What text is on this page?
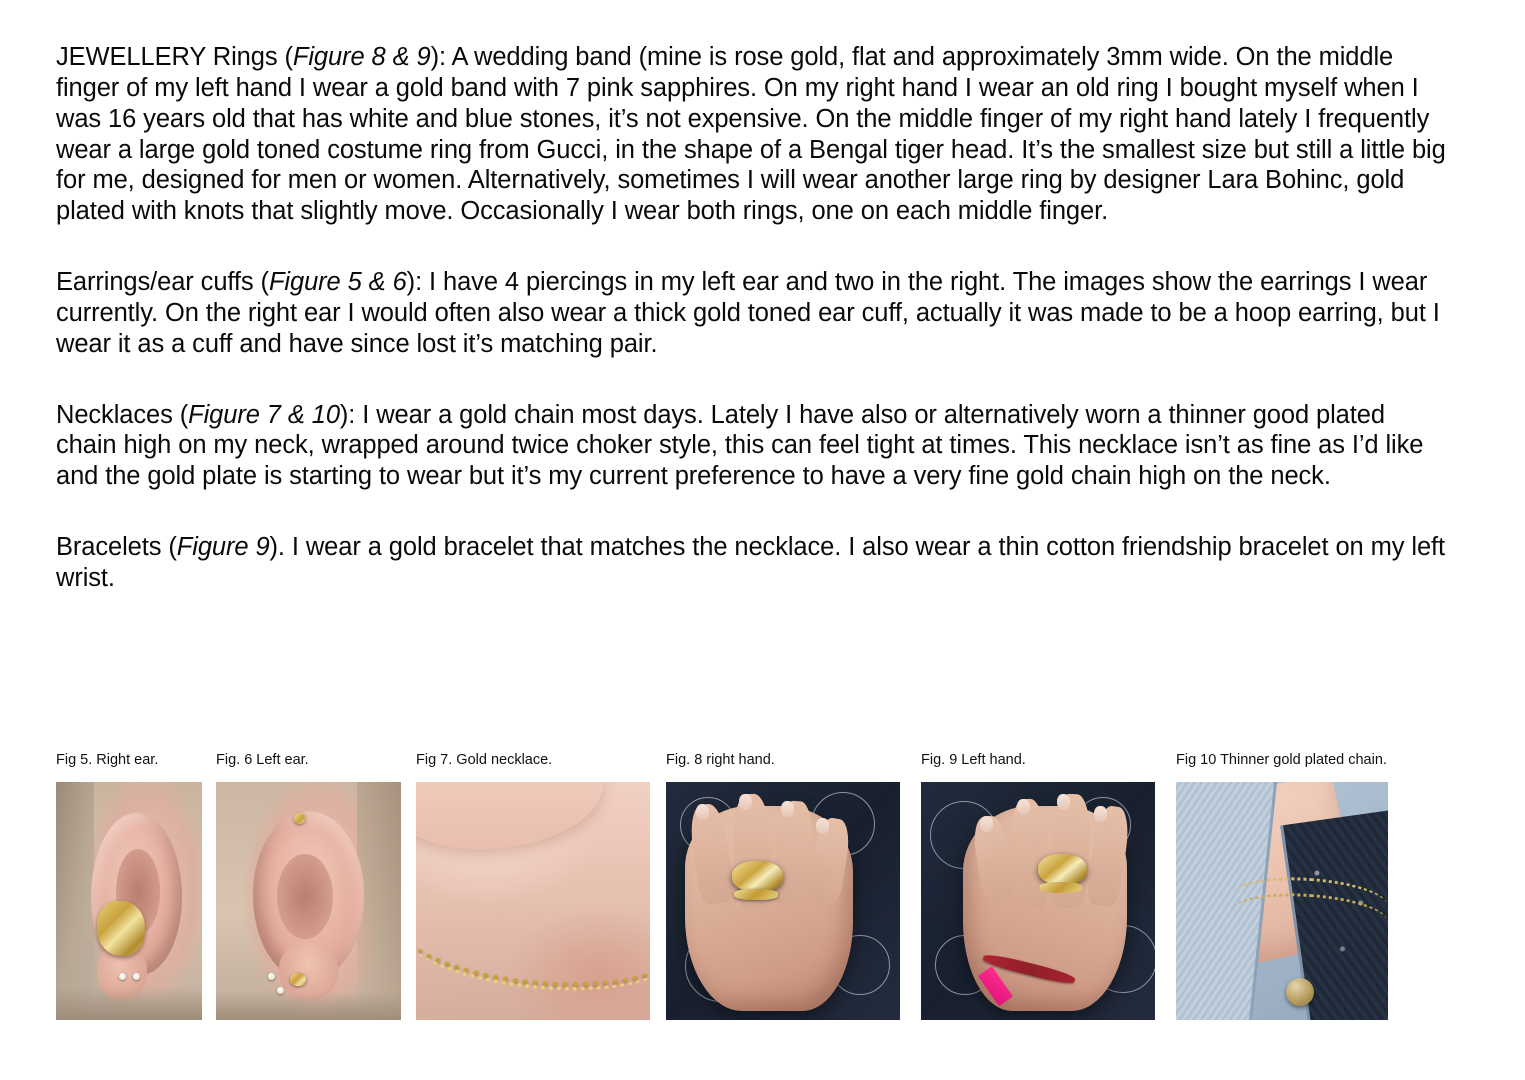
JEWELLERY Rings (Figure 8 & 9): A wedding band (mine is rose gold, flat and approximately 3mm wide. On the middle finger of my left hand I wear a gold band with 7 pink sapphires. On my right hand I wear an old ring I bought myself when I was 16 years old that has white and blue stones, it’s not expensive. On the middle finger of my right hand lately I frequently wear a large gold toned costume ring from Gucci, in the shape of a Bengal tiger head. It’s the smallest size but still a little big for me, designed for men or women. Alternatively, sometimes I will wear another large ring by designer Lara Bohinc, gold plated with knots that slightly move. Occasionally I wear both rings, one on each middle finger.

Earrings/ear cuffs (Figure 5 & 6): I have 4 piercings in my left ear and two in the right. The images show the earrings I wear currently. On the right ear I would often also wear a thick gold toned ear cuff, actually it was made to be a hoop earring, but I wear it as a cuff and have since lost it’s matching pair.

Necklaces (Figure 7 & 10): I wear a gold chain most days. Lately I have also or alternatively worn a thinner good plated chain high on my neck, wrapped around twice choker style, this can feel tight at times. This necklace isn’t as fine as I’d like and the gold plate is starting to wear but it’s my current preference to have a very fine gold chain high on the neck.

Bracelets (Figure 9). I wear a gold bracelet that matches the necklace. I also wear a thin cotton friendship bracelet on my left wrist.

Fig 5. Right ear.	Fig. 6 Left ear.	Fig 7. Gold necklace.	Fig. 8 right hand.	Fig. 9 Left hand.	Fig 10 Thinner gold plated chain.
